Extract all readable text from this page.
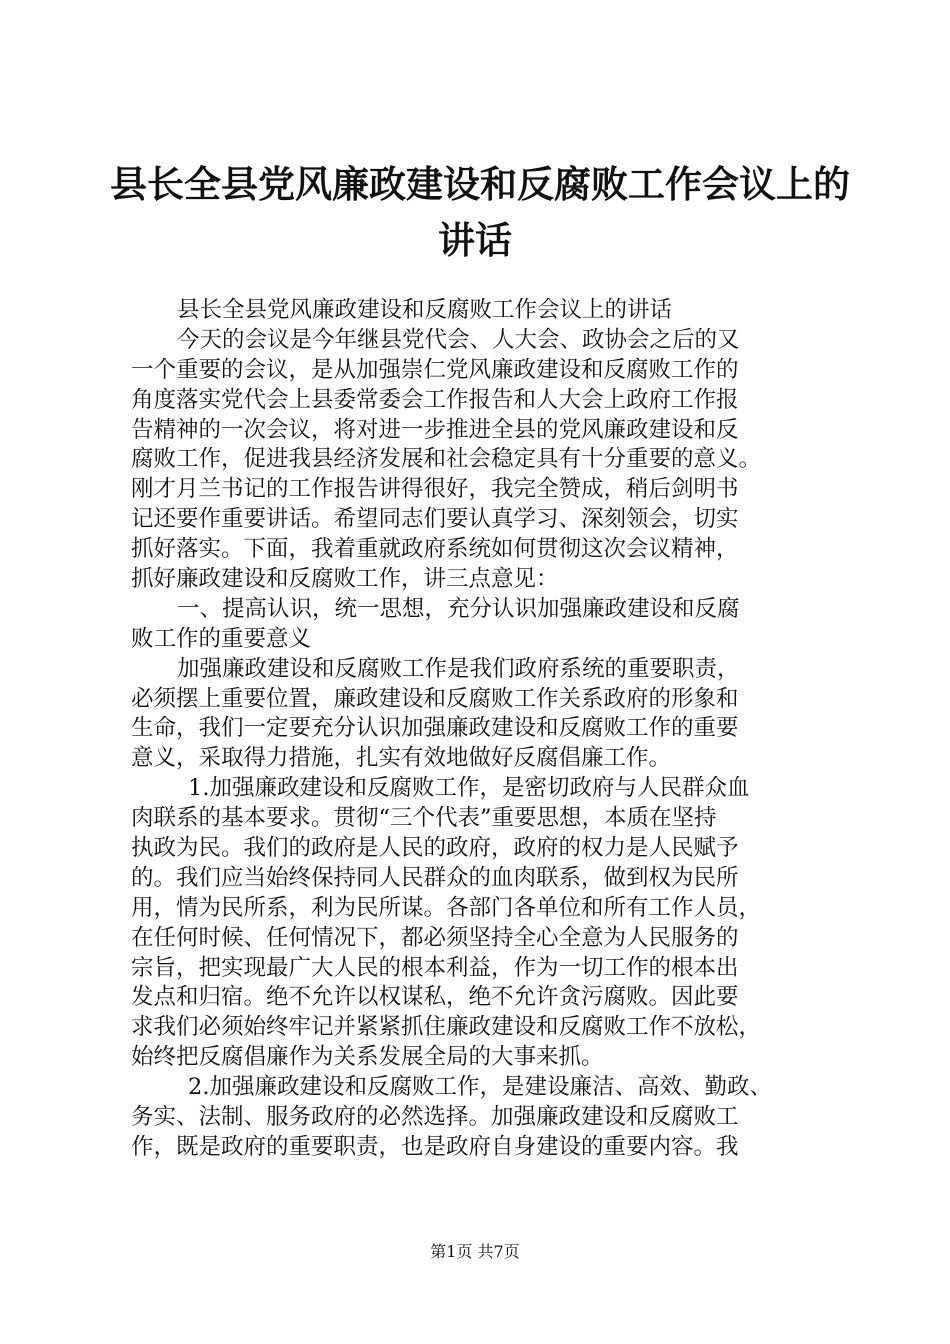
县长全县党风廉政建设和反腐败工作会议上的
讲话
县长全县党风廉政建设和反腐败工作会议上的讲话
今天的会议是今年继县党代会、人大会、政协会之后的又
一个重要的会议，是从加强崇仁党风廉政建设和反腐败工作的
角度落实党代会上县委常委会工作报告和人大会上政府工作报
告精神的一次会议，将对进一步推进全县的党风廉政建设和反
腐败工作，促进我县经济发展和社会稳定具有十分重要的意义。
刚才月兰书记的工作报告讲得很好，我完全赞成，稍后剑明书
记还要作重要讲话。希望同志们要认真学习、深刻领会，切实
抓好落实。下面，我着重就政府系统如何贯彻这次会议精神，
抓好廉政建设和反腐败工作，讲三点意见：
一、提高认识，统一思想，充分认识加强廉政建设和反腐
败工作的重要意义
加强廉政建设和反腐败工作是我们政府系统的重要职责，
必须摆上重要位置，廉政建设和反腐败工作关系政府的形象和
生命，我们一定要充分认识加强廉政建设和反腐败工作的重要
意义，采取得力措施，扎实有效地做好反腐倡廉工作。
1.加强廉政建设和反腐败工作，是密切政府与人民群众血
肉联系的基本要求。贯彻“三个代表”重要思想，本质在坚持
执政为民。我们的政府是人民的政府，政府的权力是人民赋予
的。我们应当始终保持同人民群众的血肉联系，做到权为民所
用，情为民所系，利为民所谋。各部门各单位和所有工作人员，
在任何时候、任何情况下，都必须坚持全心全意为人民服务的
宗旨，把实现最广大人民的根本利益，作为一切工作的根本出
发点和归宿。绝不允许以权谋私，绝不允许贪污腐败。因此要
求我们必须始终牢记并紧紧抓住廉政建设和反腐败工作不放松，
始终把反腐倡廉作为关系发展全局的大事来抓。
2.加强廉政建设和反腐败工作，是建设廉洁、高效、勤政、
务实、法制、服务政府的必然选择。加强廉政建设和反腐败工
作，既是政府的重要职责，也是政府自身建设的重要内容。我
第1页 共7页
